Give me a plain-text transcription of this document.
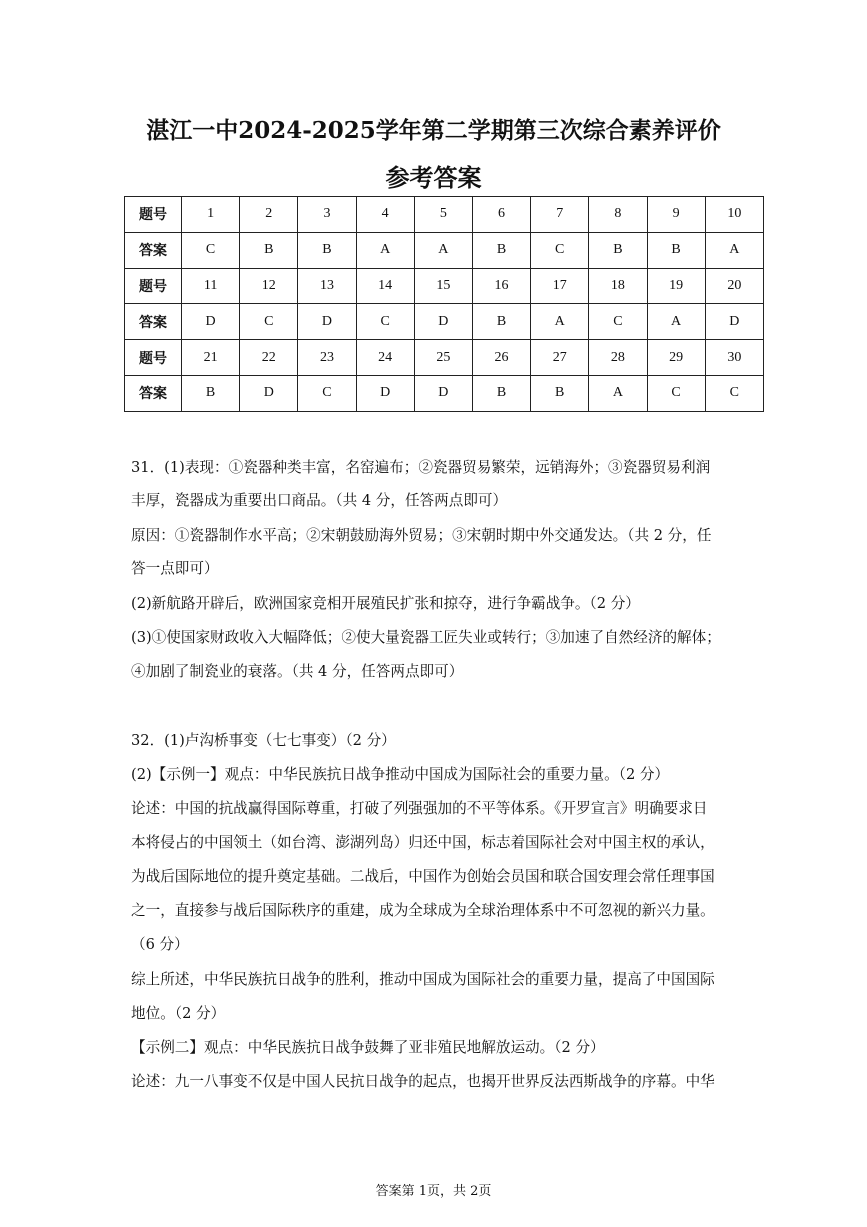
湛江一中2024-2025学年第二学期第三次综合素养评价
参考答案
题号	1	2	3	4	5	6	7	8	9	10
答案	C	B	B	A	A	B	C	B	B	A
题号	11	12	13	14	15	16	17	18	19	20
答案	D	C	D	C	D	B	A	C	A	D
题号	21	22	23	24	25	26	27	28	29	30
答案	B	D	C	D	D	B	B	A	C	C
31．(1)表现：①瓷器种类丰富，名窑遍布；②瓷器贸易繁荣，远销海外；③瓷器贸易利润
丰厚，瓷器成为重要出口商品。（共 4 分，任答两点即可）
原因：①瓷器制作水平高；②宋朝鼓励海外贸易；③宋朝时期中外交通发达。（共 2 分，任
答一点即可）
(2)新航路开辟后，欧洲国家竞相开展殖民扩张和掠夺，进行争霸战争。（2 分）
(3)①使国家财政收入大幅降低；②使大量瓷器工匠失业或转行；③加速了自然经济的解体；
④加剧了制瓷业的衰落。（共 4 分，任答两点即可）
32．(1)卢沟桥事变（七七事变）（2 分）
(2)【示例一】观点：中华民族抗日战争推动中国成为国际社会的重要力量。（2 分）
论述：中国的抗战赢得国际尊重，打破了列强强加的不平等体系。《开罗宣言》明确要求日
本将侵占的中国领土（如台湾、澎湖列岛）归还中国，标志着国际社会对中国主权的承认，
为战后国际地位的提升奠定基础。二战后，中国作为创始会员国和联合国安理会常任理事国
之一，直接参与战后国际秩序的重建，成为全球成为全球治理体系中不可忽视的新兴力量。
（6 分）
综上所述，中华民族抗日战争的胜利，推动中国成为国际社会的重要力量，提高了中国国际
地位。（2 分）
【示例二】观点：中华民族抗日战争鼓舞了亚非殖民地解放运动。（2 分）
论述：九一八事变不仅是中国人民抗日战争的起点，也揭开世界反法西斯战争的序幕。中华
答案第 1页，共 2页
